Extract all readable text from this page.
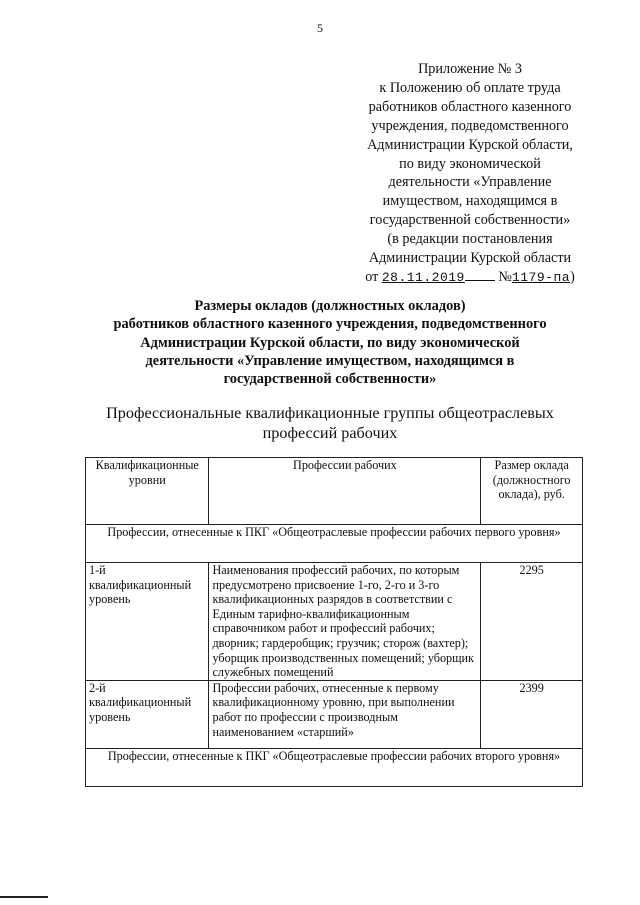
5
Приложение № 3
к Положению об оплате труда
работников областного казенного
учреждения, подведомственного
Администрации Курской области,
по виду экономической
деятельности «Управление
имуществом, находящимся в
государственной собственности»
(в редакции постановления
Администрации Курской области
от 28.11.2019 №1179-па)
Размеры окладов (должностных окладов)
работников областного казенного учреждения, подведомственного
Администрации Курской области, по виду экономической
деятельности «Управление имуществом, находящимся в
государственной собственности»
Профессиональные квалификационные группы общеотраслевых
профессий рабочих
Квалификационные уровни	Профессии рабочих	Размер оклада (должностного оклада), руб.
Профессии, отнесенные к ПКГ «Общеотраслевые профессии рабочих первого уровня»		
1-й квалификационный уровень	Наименования профессий рабочих, по которым предусмотрено присвоение 1-го, 2-го и 3-го квалификационных разрядов в соответствии с Единым тарифно-квалификационным справочником работ и профессий рабочих; дворник; гардеробщик; грузчик; сторож (вахтер); уборщик производственных помещений; уборщик служебных помещений	2295
2-й квалификационный уровень	Профессии рабочих, отнесенные к первому квалификационному уровню, при выполнении работ по профессии с производным наименованием «старший»	2399
Профессии, отнесенные к ПКГ «Общеотраслевые профессии рабочих второго уровня»		
